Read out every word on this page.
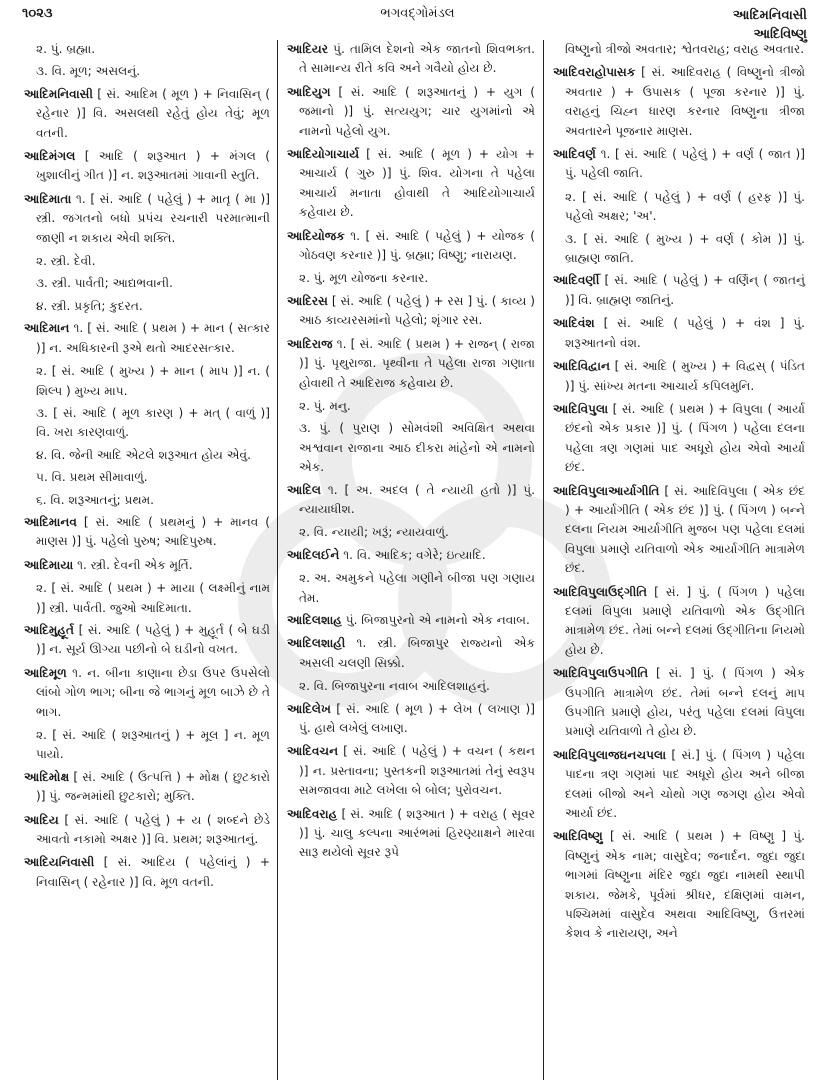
૧૦૨૩	ભગવદ્ગોમંડલ	આદિમનિવાસી
આદિવિષ્ણુ

૨. પું. બ્રહ્મા.

૩. વિ. મૂળ; અસલનું.

આદિમનિવાસી [ સં. આદિમ ( મૂળ ) + નિવાસિન્ ( રહેનાર )] વિ. અસલથી રહેતું હોય તેવું; મૂળ વતની.

આદિમંગલ [ આદિ ( શરૂઆત ) + મંગલ ( ખુશાલીનું ગીત )] ન. શરૂઆતમાં ગાવાની સ્તુતિ.

આદિમાતા ૧. [ સં. આદિ ( પહેલું ) + માતૃ ( મા )] સ્ત્રી. જગતનો બધો પ્રપંચ રચનારી પરમાત્માની જાણી ન શકાય એવી શક્તિ.

૨. સ્ત્રી. દેવી.

૩. સ્ત્રી. પાર્વતી; આદ્યભવાની.

૪. સ્ત્રી. પ્રકૃતિ; કુદરત.

આદિમાન ૧. [ સં. આદિ ( પ્રથમ ) + માન ( સત્કાર )] ન. અધિકારની રૂએ થતો આદરસત્કાર.

૨. [ સં. આદિ ( મુખ્ય ) + માન ( માપ )] ન. ( શિલ્પ ) મુખ્ય માપ.

૩. [ સં. આદિ ( મૂળ કારણ ) + મત્ ( વાળું )] વિ. ખરા કારણવાળું.

૪. વિ. જેની આદિ એટલે શરૂઆત હોય એવું.

૫. વિ. પ્રથમ સીમાવાળું.

૬. વિ. શરૂઆતનું; પ્રથમ.

આદિમાનવ [ સં. આદિ ( પ્રથમનું ) + માનવ ( માણસ )] પું. પહેલો પુરુષ; આદિપુરુષ.

આદિમાયા ૧. સ્ત્રી. દેવની એક મૂર્તિ.

૨. [ સં. આદિ ( પ્રથમ ) + માયા ( લક્ષ્મીનું નામ )] સ્ત્રી. પાર્વતી. જુઓ આદિમાતા.

આદિમુહૂર્ત [ સં. આદિ ( પહેલું ) + મુહૂર્ત ( બે ઘડી )] ન. સૂર્ય ઊગ્યા પછીનો બે ઘડીનો વખત.

આદિમૂળ ૧. ન. બીના કાણાના છેડા ઉપર ઉપસેલો લાંબો ગોળ ભાગ; બીના જે ભાગનું મૂળ બાઝે છે તે ભાગ.

૨. [ સં. આદિ ( શરૂઆતનું ) + મૂલ ] ન. મૂળ પાયો.

આદિમોક્ષ [ સં. આદિ ( ઉત્પત્તિ ) + મોક્ષ ( છુટકારો )] પું. જન્મમાંથી છુટકારો; મુક્તિ.

આદિય [ સં. આદિ ( પહેલું ) + ય ( શબ્દને છેડે આવતો નકામો અક્ષર )] વિ. પ્રથમ; શરૂઆતનું.

આદિયનિવાસી [ સં. આદિય ( પહેલાંનું ) + નિવાસિન્ ( રહેનાર )] વિ. મૂળ વતની.

આદિયર પું. તામિલ દેશનો એક જાતનો શિવભક્ત. તે સામાન્ય રીતે કવિ અને ગવૈયો હોય છે.

આદિયુગ [ સં. આદિ ( શરૂઆતનું ) + યુગ ( જમાનો )] પું. સત્યયુગ; ચાર યુગમાંનો એ નામનો પહેલો યુગ.

આદિયોગાચાર્ય [ સં. આદિ ( મૂળ ) + યોગ + આચાર્ય ( ગુરુ )] પું. શિવ. યોગના તે પહેલા આચાર્ય મનાતા હોવાથી તે આદિયોગાચાર્ય કહેવાય છે.

આદિયોજક ૧. [ સં. આદિ ( પહેલું ) + યોજક ( ગોઠવણ કરનાર )] પું. બ્રહ્મા; વિષ્ણુ; નારાયણ.

૨. પું. મૂળ યોજના કરનાર.

આદિરસ [ સં. આદિ ( પહેલું ) + રસ ] પું. ( કાવ્ય ) આઠ કાવ્યરસમાંનો પહેલો; શૃંગાર રસ.

આદિરાજ ૧. [ સં. આદિ ( પ્રથમ ) + રાજન્ ( રાજા )] પું. પૃથુરાજા. પૃથ્વીના તે પહેલા રાજા ગણાતા હોવાથી તે આદિરાજ કહેવાય છે.

૨. પું. મનુ.

૩. પું. ( પુરાણ ) સોમવંશી અવિક્ષિત અથવા અશ્વવાન રાજાના આઠ દીકરા માંહેનો એ નામનો એક.

આદિલ ૧. [ અ. અદલ ( તે ન્યાયી હતો )] પું. ન્યાયાધીશ.

૨. વિ. ન્યાયી; ખરૂં; ન્યાયવાળું.

આદિલઈને ૧. વિ. આદિક; વગેરે; ઇત્યાદિ.

૨. અ. અમુકને પહેલા ગણીને બીજા પણ ગણાય તેમ.

આદિલશાહ પું. બિજાપુરનો એ નામનો એક નવાબ.

આદિલશાહી ૧. સ્ત્રી. બિજાપુર રાજ્યનો એક અસલી ચલણી સિક્કો.

૨. વિ. બિજાપુરના નવાબ આદિલશાહનું.

આદિલેખ [ સં. આદિ ( મૂળ ) + લેખ ( લખાણ )] પું. હાથે લખેલું લખાણ.

આદિવચન [ સં. આદિ ( પહેલું ) + વચન ( કથન )] ન. પ્રસ્તાવના; પુસ્તકની શરૂઆતમાં તેનું સ્વરૂપ સમજાવવા માટે લખેલા બે બોલ; પુરોવચન.

આદિવરાહ [ સં. આદિ ( શરૂઆત ) + વરાહ ( સૂવર )] પું. ચાલુ કલ્પના આરંભમાં હિરણ્યાક્ષને મારવા સારૂ થયેલો સૂવર રૂપે

વિષ્ણુનો ત્રીજો અવતાર; શ્વેતવરાહ; વરાહ અવતાર.

આદિવરાહોપાસક [ સં. આદિવરાહ ( વિષ્ણુનો ત્રીજો અવતાર ) + ઉપાસક ( પૂજા કરનાર )] પું. વરાહનું ચિહ્ન ધારણ કરનાર વિષ્ણુના ત્રીજા અવતારને પૂજનાર માણસ.

આદિવર્ણ ૧. [ સં. આદિ ( પહેલું ) + વર્ણ ( જાત )] પું. પહેલી જાતિ.

૨. [ સં. આદિ ( પહેલું ) + વર્ણ ( હરફ )] પું. પહેલો અક્ષર; 'અ'.

૩. [ સં. આદિ ( મુખ્ય ) + વર્ણ ( કોમ )] પું. બ્રાહ્મણ જાતિ.

આદિવર્ણી [ સં. આદિ ( પહેલું ) + વર્ણિન્ ( જાતનું )] વિ. બ્રાહ્મણ જાતિનું.

આદિવંશ [ સં. આદિ ( પહેલું ) + વંશ ] પું. શરૂઆતનો વંશ.

આદિવિદ્વાન [ સં. આદિ ( મુખ્ય ) + વિદ્વસ્ ( પંડિત )] પું. સાંખ્ય મતના આચાર્ય કપિલમુનિ.

આદિવિપુલા [ સં. આદિ ( પ્રથમ ) + વિપુલા ( આર્યા છંદનો એક પ્રકાર )] પું. ( પિંગળ ) પહેલા દલના પહેલા ત્રણ ગણમાં પાદ અધૂરો હોય એવો આર્યા છંદ.

આદિવિપુલાઆર્યાગીતિ [ સં. આદિવિપુલા ( એક છંદ ) + આર્યાગીતિ ( એક છંદ )] પું. ( પિંગળ ) બન્ને દલના નિયમ આર્યાગીતિ મુજબ પણ પહેલા દલમાં વિપુલા પ્રમાણે યતિવાળો એક આર્યાગીતિ માત્રામેળ છંદ.

આદિવિપુલાઉદ્ગીતિ [ સં. ] પું. ( પિંગળ ) પહેલા દલમાં વિપુલા પ્રમાણે યતિવાળો એક ઉદ્ગીતિ માત્રામેળ છંદ. તેમાં બન્ને દલમાં ઉદ્ગીતિના નિયમો હોય છે.

આદિવિપુલાઉપગીતિ [ સં. ] પું. ( પિંગળ ) એક ઉપગીતિ માત્રામેળ છંદ. તેમાં બન્ને દલનું માપ ઉપગીતિ પ્રમાણે હોય, પરંતુ પહેલા દલમાં વિપુલા પ્રમાણે યતિવાળો તે હોય છે.

આદિવિપુલાજઘનચપલા [ સં.] પું. ( પિંગળ ) પહેલા પાદના ત્રણ ગણમાં પાદ અધૂરો હોય અને બીજા દલમાં બીજો અને ચોથો ગણ જગણ હોય એવો આર્યા છંદ.

આદિવિષ્ણુ [ સં. આદિ ( પ્રથમ ) + વિષ્ણુ ] પું. વિષ્ણુનું એક નામ; વાસુદેવ; જનાર્દન. જુદા જુદા ભાગમાં વિષ્ણુના મંદિર જુદા જુદા નામથી સ્થાપી શકાય. જેમકે, પૂર્વમાં શ્રીધર, દક્ષિણમાં વામન, પશ્ચિમમાં વાસુદેવ અથવા આદિવિષ્ણુ, ઉત્તરમાં કેશવ કે નારાયણ, અને
